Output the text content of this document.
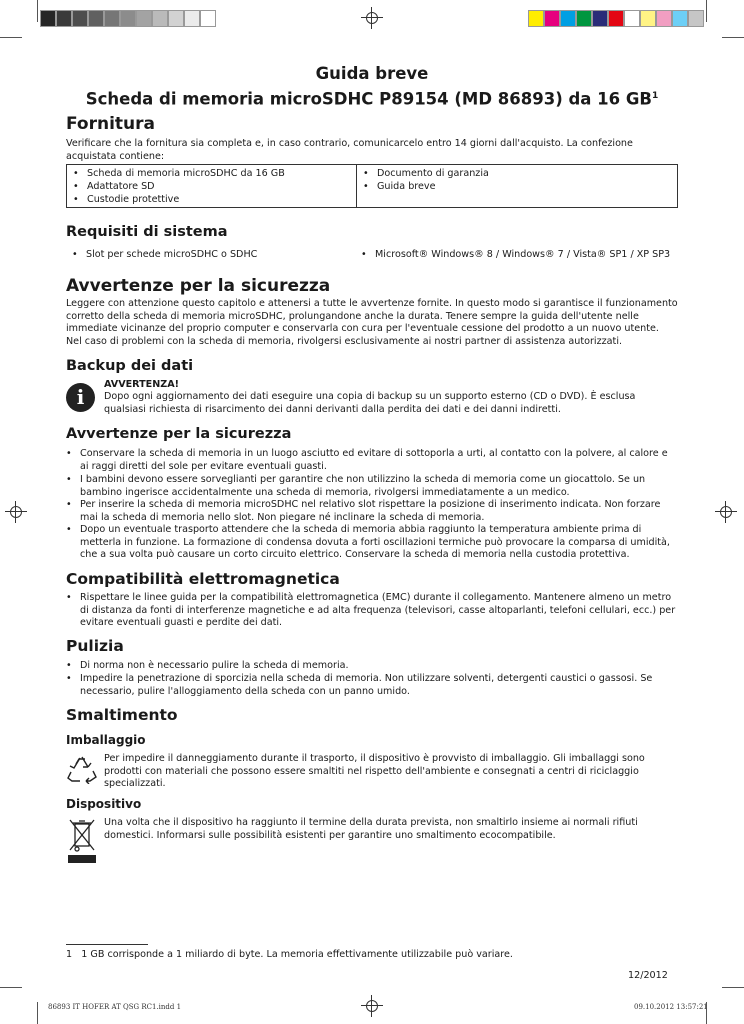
Guida breve
Scheda di memoria microSDHC P89154 (MD 86893) da 16 $GB^1$
Fornitura
Verificare che la fornitura sia completa e, in caso contrario, comunicarcelo entro 14 giorni dall'acquisto. La confezione acquistata contiene:
• Scheda di memoria microSDHC da 16 GB
• Adattatore SD
• Custodie protettive
• Documento di garanzia
• Guida breve
Requisiti di sistema
• Slot per schede microSDHC o SDHC	• Microsoft® Windows® 8 / Windows® 7 / Vista® SP1 / XP SP3
Avvertenze per la sicurezza
Leggere con attenzione questo capitolo e attenersi a tutte le avvertenze fornite. In questo modo si garantisce il funzionamento corretto della scheda di memoria microSDHC, prolungandone anche la durata. Tenere sempre la guida dell'utente nelle immediate vicinanze del proprio computer e conservarla con cura per l'eventuale cessione del prodotto a un nuovo utente.
Nel caso di problemi con la scheda di memoria, rivolgersi esclusivamente ai nostri partner di assistenza autorizzati.
Backup dei dati
i
AVVERTENZA!
Dopo ogni aggiornamento dei dati eseguire una copia di backup su un supporto esterno (CD o DVD). È esclusa qualsiasi richiesta di risarcimento dei danni derivanti dalla perdita dei dati e dei danni indiretti.
Avvertenze per la sicurezza
• Conservare la scheda di memoria in un luogo asciutto ed evitare di sottoporla a urti, al contatto con la polvere, al calore e ai raggi diretti del sole per evitare eventuali guasti.
• I bambini devono essere sorveglianti per garantire che non utilizzino la scheda di memoria come un giocattolo. Se un bambino ingerisce accidentalmente una scheda di memoria, rivolgersi immediatamente a un medico.
• Per inserire la scheda di memoria microSDHC nel relativo slot rispettare la posizione di inserimento indicata. Non forzare mai la scheda di memoria nello slot. Non piegare né inclinare la scheda di memoria.
• Dopo un eventuale trasporto attendere che la scheda di memoria abbia raggiunto la temperatura ambiente prima di metterla in funzione. La formazione di condensa dovuta a forti oscillazioni termiche può provocare la comparsa di umidità, che a sua volta può causare un corto circuito elettrico. Conservare la scheda di memoria nella custodia protettiva.
Compatibilità elettromagnetica
• Rispettare le linee guida per la compatibilità elettromagnetica (EMC) durante il collegamento. Mantenere almeno un metro di distanza da fonti di interferenze magnetiche e ad alta frequenza (televisori, casse altoparlanti, telefoni cellulari, ecc.) per evitare eventuali guasti e perdite dei dati.
Pulizia
• Di norma non è necessario pulire la scheda di memoria.
• Impedire la penetrazione di sporcizia nella scheda di memoria. Non utilizzare solventi, detergenti caustici o gassosi. Se necessario, pulire l'alloggiamento della scheda con un panno umido.
Smaltimento
Imballaggio
Per impedire il danneggiamento durante il trasporto, il dispositivo è provvisto di imballaggio. Gli imballaggi sono prodotti con materiali che possono essere smaltiti nel rispetto dell'ambiente e consegnati a centri di riciclaggio specializzati.
Dispositivo
Una volta che il dispositivo ha raggiunto il termine della durata prevista, non smaltirlo insieme ai normali rifiuti domestici. Informarsi sulle possibilità esistenti per garantire uno smaltimento ecocompatibile.
1 1 GB corrisponde a 1 miliardo di byte. La memoria effettivamente utilizzabile può variare.
12/2012
86893 IT HOFER AT QSG RC1.indd 1	09.10.2012 13:57:21
